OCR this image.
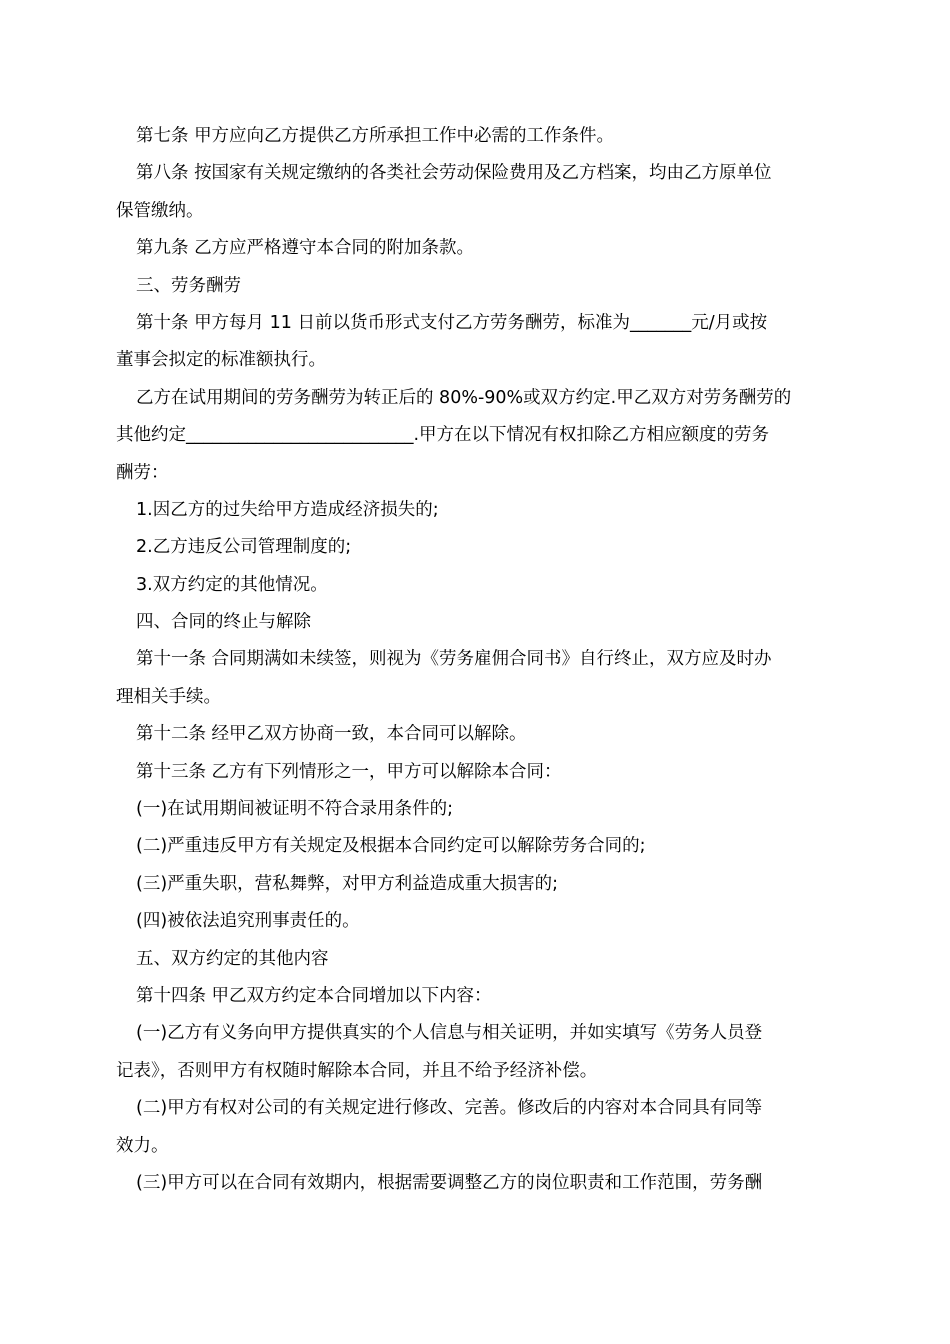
第七条 甲方应向乙方提供乙方所承担工作中必需的工作条件。
第八条 按国家有关规定缴纳的各类社会劳动保险费用及乙方档案，均由乙方原单位
保管缴纳。
第九条 乙方应严格遵守本合同的附加条款。
三、劳务酬劳
第十条 甲方每月 11 日前以货币形式支付乙方劳务酬劳，标准为_______元/月或按
董事会拟定的标准额执行。
乙方在试用期间的劳务酬劳为转正后的 80%-90%或双方约定.甲乙双方对劳务酬劳的
其他约定__________________________.甲方在以下情况有权扣除乙方相应额度的劳务
酬劳：
1.因乙方的过失给甲方造成经济损失的;
2.乙方违反公司管理制度的;
3.双方约定的其他情况。
四、合同的终止与解除
第十一条 合同期满如未续签，则视为《劳务雇佣合同书》自行终止，双方应及时办
理相关手续。
第十二条 经甲乙双方协商一致，本合同可以解除。
第十三条 乙方有下列情形之一，甲方可以解除本合同：
(一)在试用期间被证明不符合录用条件的;
(二)严重违反甲方有关规定及根据本合同约定可以解除劳务合同的;
(三)严重失职，营私舞弊，对甲方利益造成重大损害的;
(四)被依法追究刑事责任的。
五、双方约定的其他内容
第十四条 甲乙双方约定本合同增加以下内容：
(一)乙方有义务向甲方提供真实的个人信息与相关证明，并如实填写《劳务人员登
记表》，否则甲方有权随时解除本合同，并且不给予经济补偿。
(二)甲方有权对公司的有关规定进行修改、完善。修改后的内容对本合同具有同等
效力。
(三)甲方可以在合同有效期内，根据需要调整乙方的岗位职责和工作范围，劳务酬
